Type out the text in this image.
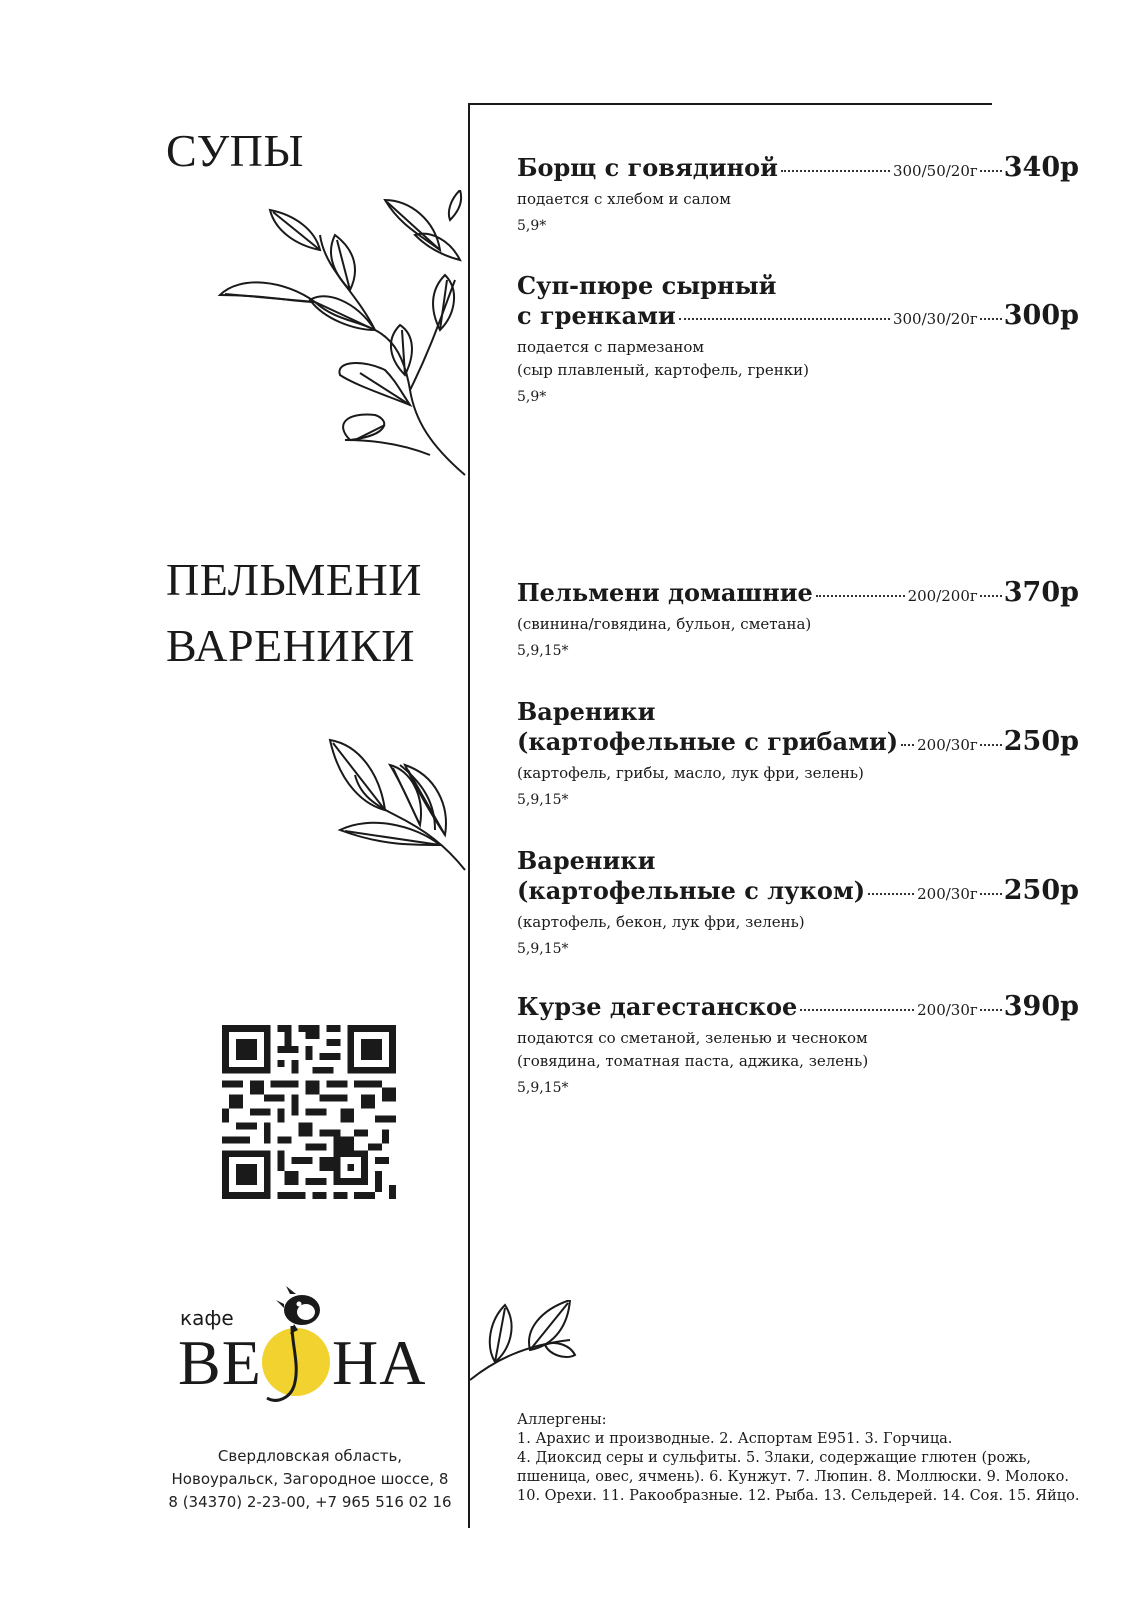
СУПЫ
ПЕЛЬМЕНИ
ВАРЕНИКИ
Борщ с говядиной	300/50/20г 340р
подается с хлебом и салом
5,9*
Суп-пюре сырный
с гренками	300/30/20г 300р
подается с пармезаном
(сыр плавленый, картофель, гренки)
5,9*
Пельмени домашние	200/200г 370р
(свинина/говядина, бульон, сметана)
5,9,15*
Вареники
(картофельные с грибами) 200/30г 250р
(картофель, грибы, масло, лук фри, зелень)
5,9,15*
Вареники
(картофельные с луком)	200/30г 250р
(картофель, бекон, лук фри, зелень)
5,9,15*
Курзе дагестанское	200/30г 390р
подаются со сметаной, зеленью и чесноком
(говядина, томатная паста, аджика, зелень)
5,9,15*
кафе
ВЕ НА
Свердловская область,
Новоуральск, Загородное шоссе, 8
8 (34370) 2-23-00, +7 965 516 02 16

Аллергены:

1. Арахис и производные. 2. Аспортам Е951. 3. Горчица.

4. Диоксид серы и сульфиты. 5. Злаки, содержащие глютен (рожь,

пшеница, овес, ячмень). 6. Кунжут. 7. Люпин. 8. Моллюски. 9. Молоко.

10. Орехи. 11. Ракообразные. 12. Рыба. 13. Сельдерей. 14. Соя. 15. Яйцо.
